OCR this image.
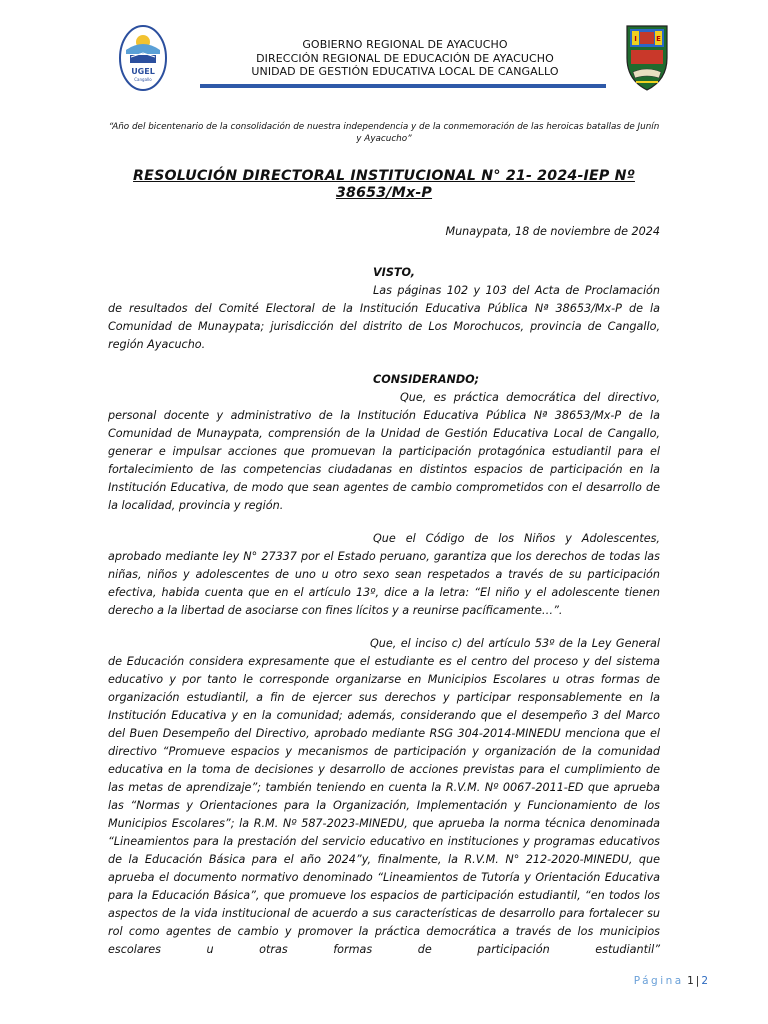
UGEL
Cangallo
I	E
GOBIERNO REGIONAL DE AYACUCHO
DIRECCIÓN REGIONAL DE EDUCACIÓN DE AYACUCHO
UNIDAD DE GESTIÓN EDUCATIVA LOCAL DE CANGALLO
“Año del bicentenario de la consolidación de nuestra independencia y de la conmemoración de las heroicas batallas de Junín y Ayacucho”
RESOLUCIÓN DIRECTORAL INSTITUCIONAL N° 21- 2024-IEP Nº 38653/Mx-P
Munaypata, 18 de noviembre de 2024
VISTO,
Las páginas 102 y 103 del Acta de Proclamación de resultados del Comité Electoral de la Institución Educativa Pública Nª 38653/Mx-P de la Comunidad de Munaypata; jurisdicción del distrito de Los Morochucos, provincia de Cangallo, región Ayacucho.
CONSIDERANDO;
Que, es práctica democrática del directivo, personal docente y administrativo de la Institución Educativa Pública Nª 38653/Mx-P de la Comunidad de Munaypata, comprensión de la Unidad de Gestión Educativa Local de Cangallo, generar e impulsar acciones que promuevan la participación protagónica estudiantil para el fortalecimiento de las competencias ciudadanas en distintos espacios de participación en la Institución Educativa, de modo que sean agentes de cambio comprometidos con el desarrollo de la localidad, provincia y región.
Que el Código de los Niños y Adolescentes, aprobado mediante ley N° 27337 por el Estado peruano, garantiza que los derechos de todas las niñas, niños y adolescentes de uno u otro sexo sean respetados a través de su participación efectiva, habida cuenta que en el artículo 13º, dice a la letra: “El niño y el adolescente tienen derecho a la libertad de asociarse con fines lícitos y a reunirse pacíficamente…”.
Que, el inciso c) del artículo 53º de la Ley General de Educación considera expresamente que el estudiante es el centro del proceso y del sistema educativo y por tanto le corresponde organizarse en Municipios Escolares u otras formas de organización estudiantil, a fin de ejercer sus derechos y participar responsablemente en la Institución Educativa y en la comunidad; además, considerando que el desempeño 3 del Marco del Buen Desempeño del Directivo, aprobado mediante RSG 304-2014-MINEDU menciona que el directivo “Promueve espacios y mecanismos de participación y organización de la comunidad educativa en la toma de decisiones y desarrollo de acciones previstas para el cumplimiento de las metas de aprendizaje”; también teniendo en cuenta la R.V.M. Nº 0067-2011-ED que aprueba las “Normas y Orientaciones para la Organización, Implementación y Funcionamiento de los Municipios Escolares”; la R.M. Nº 587-2023-MINEDU, que aprueba la norma técnica denominada “Lineamientos para la prestación del servicio educativo en instituciones y programas educativos de la Educación Básica para el año 2024”y, finalmente, la R.V.M. N° 212-2020-MINEDU, que aprueba el documento normativo denominado “Lineamientos de Tutoría y Orientación Educativa para la Educación Básica”, que promueve los espacios de participación estudiantil, “en todos los aspectos de la vida institucional de acuerdo a sus características de desarrollo para fortalecer su rol como agentes de cambio y promover la práctica democrática a través de los municipios escolares u otras formas de participación estudiantil”
Página 1 | 2
